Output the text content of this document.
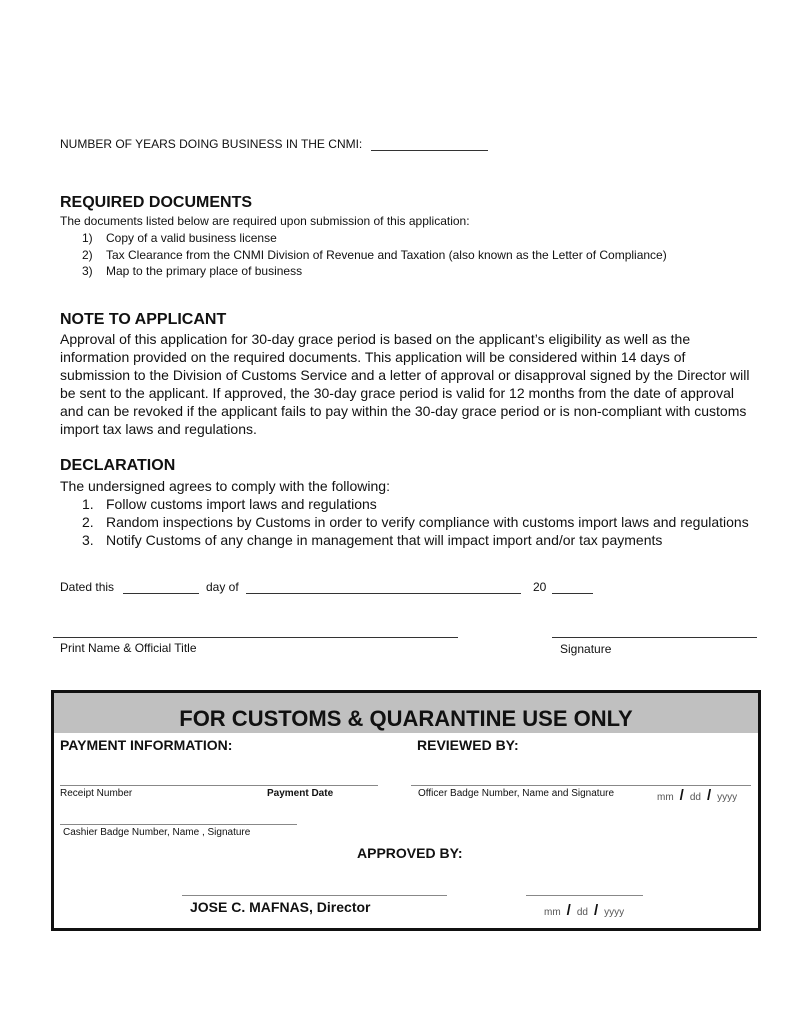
NUMBER OF YEARS DOING BUSINESS IN THE CNMI:
REQUIRED DOCUMENTS
The documents listed below are required upon submission of this application:
1)	Copy of a valid business license
2)	Tax Clearance from the CNMI Division of Revenue and Taxation (also known as the Letter of Compliance)
3)	Map to the primary place of business
NOTE TO APPLICANT

Approval of this application for 30-day grace period is based on the applicant’s eligibility as well as the information provided on the required documents. This application will be considered within 14 days of submission to the Division of Customs Service and a letter of approval or disapproval signed by the Director will be sent to the applicant. If approved, the 30-day grace period is valid for 12 months from the date of approval and can be revoked if the applicant fails to pay within the 30-day grace period or is non-compliant with customs import tax laws and regulations.

DECLARATION
The undersigned agrees to comply with the following:
1. Follow customs import laws and regulations
2. Random inspections by Customs in order to verify compliance with customs import laws and regulations
3. Notify Customs of any change in management that will impact import and/or tax payments
Dated this	day of	20
Print Name & Official Title	Signature
FOR CUSTOMS & QUARANTINE USE ONLY
PAYMENT INFORMATION:	REVIEWED BY:
Receipt Number	Payment Date	Officer Badge Number, Name and Signature	mm / dd / yyyy
Cashier Badge Number, Name , Signature
APPROVED BY:
JOSE C. MAFNAS, Director	mm / dd / yyyy
